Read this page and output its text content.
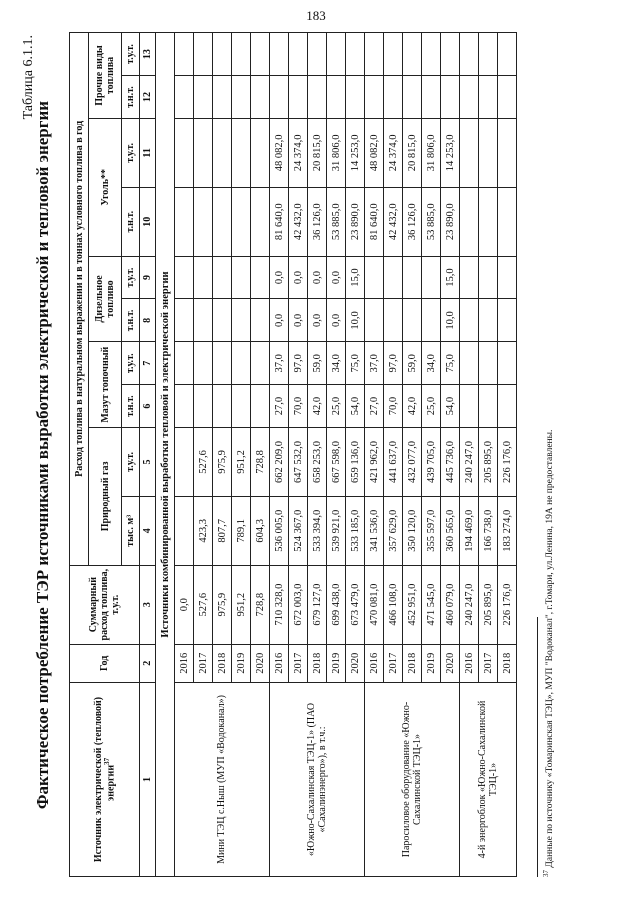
183
Таблица 6.1.1.
Фактическое потребление ТЭР источниками выработки электрической и тепловой энергии	Источник электрической (тепловой) энергии$^{37}$	Год	Суммарный расход топлива, т.у.т.	Расход топлива в натуральном выражении и в тоннах условного топлива в год									
			Природный газ		Мазут топочный		Дизельное топливо		Уголь**		Прочие виды топлива	
			тыс. м³	т.у.т.	т.н.т.	т.у.т.	т.н.т.	т.у.т.	т.н.т.	т.у.т.	т.н.т.	т.у.т.
1	2	3	4	5	6	7	8	9	10	11	12	13
Источники комбинированной выработки тепловой и электрической энергии												
Мини ТЭЦ с.Ныш (МУП «Водоканал»)	2016	0,0										
	2017	527,6	423,3	527,6								
	2018	975,9	807,7	975,9								
	2019	951,2	789,1	951,2								
	2020	728,8	604,3	728,8								
«Южно-Сахалинская ТЭЦ-1» (ПАО «Сахалинэнерго»), в т.ч.:	2016	710 328,0	536 005,0	662 209,0	27,0	37,0	0,0	0,0	81 640,0	48 082,0		
	2017	672 003,0	524 367,0	647 532,0	70,0	97,0	0,0	0,0	42 432,0	24 374,0		
	2018	679 127,0	533 394,0	658 253,0	42,0	59,0	0,0	0,0	36 126,0	20 815,0		
	2019	699 438,0	539 921,0	667 598,0	25,0	34,0	0,0	0,0	53 885,0	31 806,0		
	2020	673 479,0	533 185,0	659 136,0	54,0	75,0	10,0	15,0	23 890,0	14 253,0		
Паросиловое оборудование «Южно-Сахалинской ТЭЦ-1»	2016	470 081,0	341 536,0	421 962,0	27,0	37,0			81 640,0	48 082,0		
	2017	466 108,0	357 629,0	441 637,0	70,0	97,0			42 432,0	24 374,0		
	2018	452 951,0	350 120,0	432 077,0	42,0	59,0			36 126,0	20 815,0		
	2019	471 545,0	355 597,0	439 705,0	25,0	34,0			53 885,0	31 806,0		
	2020	460 079,0	360 565,0	445 736,0	54,0	75,0	10,0	15,0	23 890,0	14 253,0		
4-й энергоблок «Южно-Сахалинской ТЭЦ-1»	2016	240 247,0	194 469,0	240 247,0								
	2017	205 895,0	166 738,0	205 895,0								
	2018	226 176,0	183 274,0	226 176,0								
$^{37}$ Данные по источнику «Томаринская ТЭЦ», МУП "Водоканал", г.Томари, ул.Ленина, 19А не предоставлены.
